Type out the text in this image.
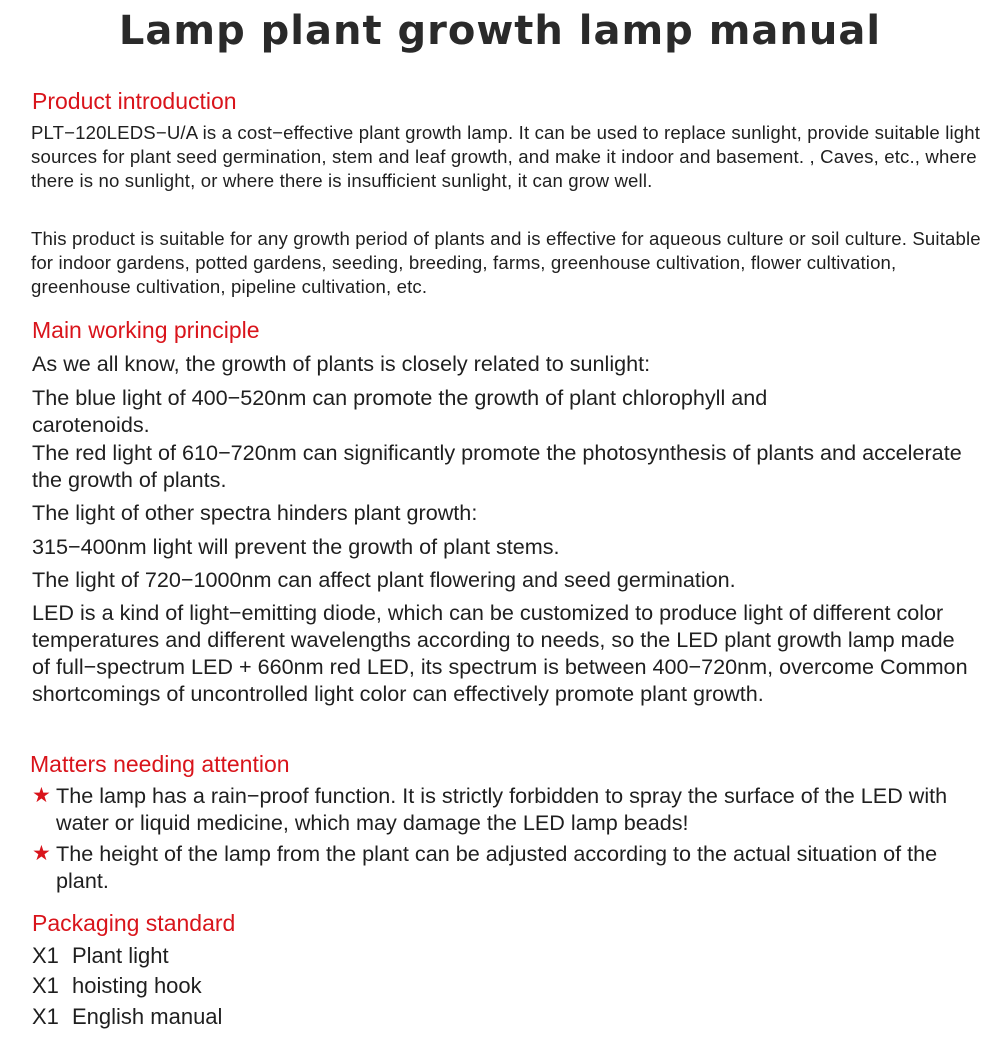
Lamp plant growth lamp manual
Product introduction
PLT−120LEDS−U/A is a cost−effective plant growth lamp. It can be used to replace sunlight, provide suitable light sources for plant seed germination, stem and leaf growth, and make it indoor and basement. , Caves, etc., where there is no sunlight, or where there is insufficient sunlight, it can grow well.
This product is suitable for any growth period of plants and is effective for aqueous culture or soil culture. Suitable for indoor gardens, potted gardens, seeding, breeding, farms, greenhouse cultivation, flower cultivation, greenhouse cultivation, pipeline cultivation, etc.
Main working principle
As we all know, the growth of plants is closely related to sunlight:
The blue light of 400−520nm can promote the growth of plant chlorophyll and carotenoids.
The red light of 610−720nm can significantly promote the photosynthesis of plants and accelerate the growth of plants.
The light of other spectra hinders plant growth:
315−400nm light will prevent the growth of plant stems.
The light of 720−1000nm can affect plant flowering and seed germination.
LED is a kind of light−emitting diode, which can be customized to produce light of different color temperatures and different wavelengths according to needs, so the LED plant growth lamp made of full−spectrum LED + 660nm red LED, its spectrum is between 400−720nm, overcome Common shortcomings of uncontrolled light color can effectively promote plant growth.
Matters needing attention
★ The lamp has a rain−proof function. It is strictly forbidden to spray the surface of the LED with water or liquid medicine, which may damage the LED lamp beads!
★ The height of the lamp from the plant can be adjusted according to the actual situation of the plant.
Packaging standard
X1 Plant light
X1 hoisting hook
X1 English manual
